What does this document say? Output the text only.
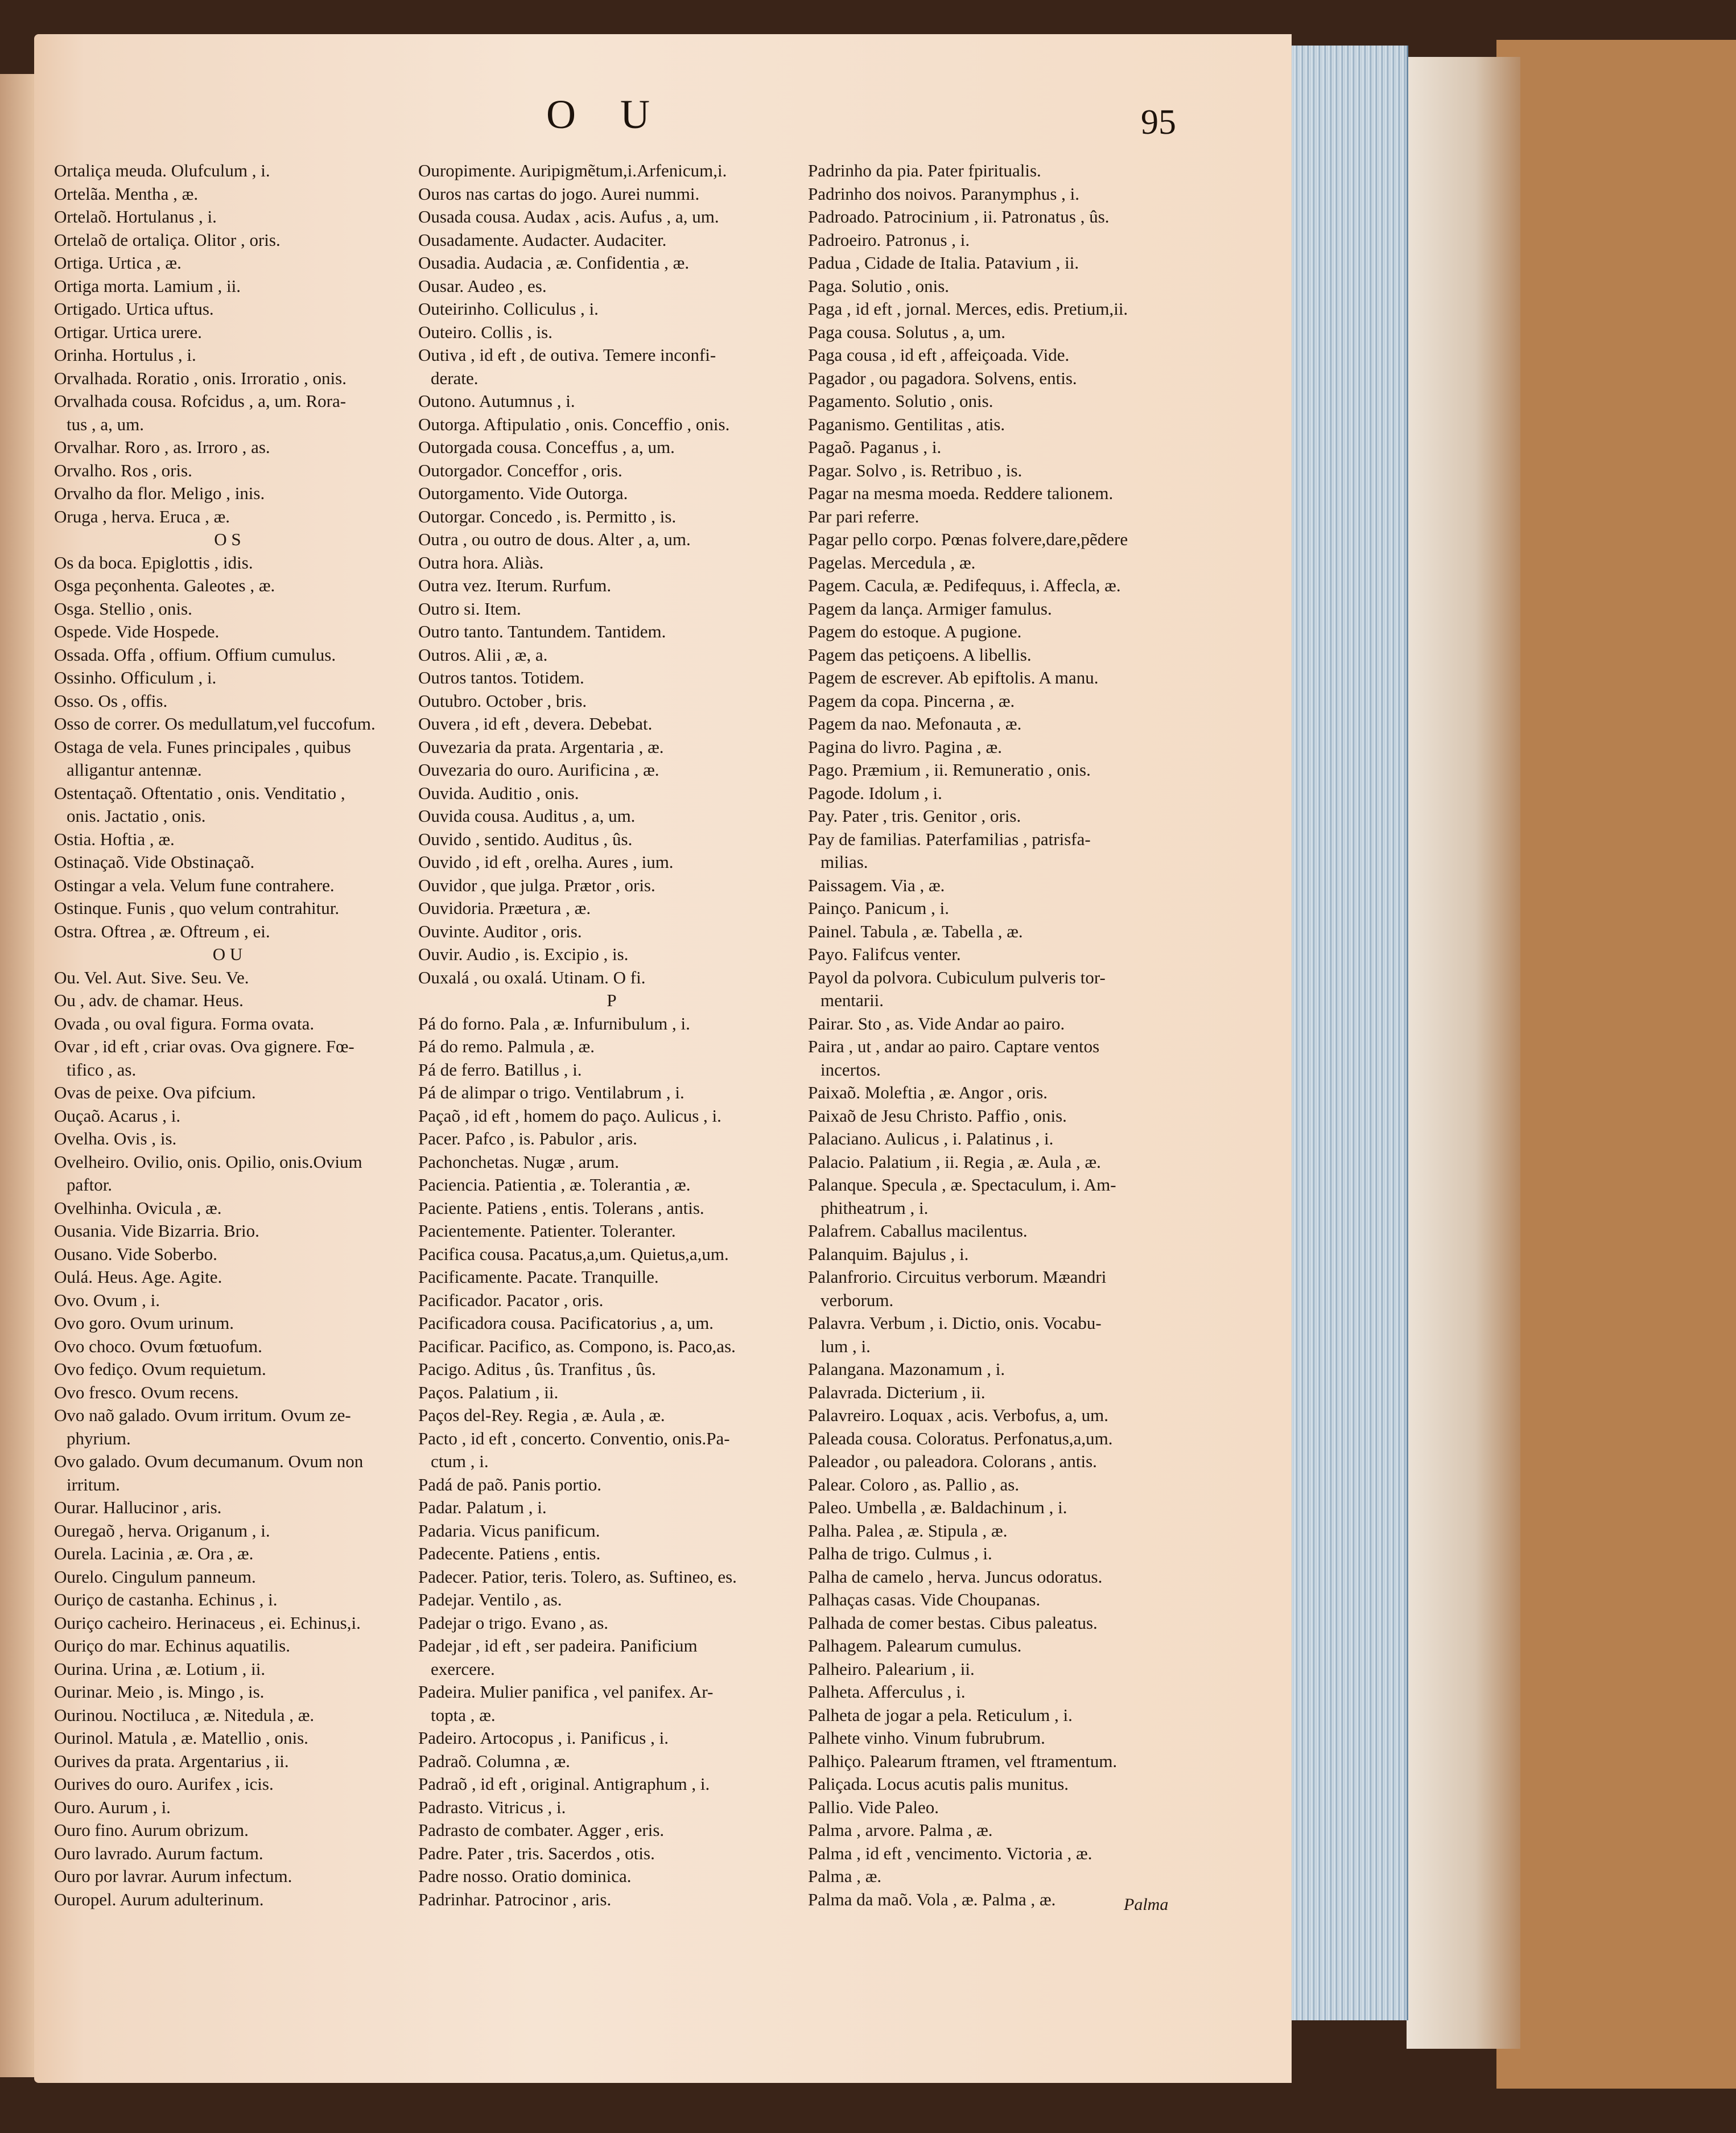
O U	95
Ortaliça meuda. Olufculum , i.
Ortelãa. Mentha , æ.
Ortelaõ. Hortulanus , i.
Ortelaõ de ortaliça. Olitor , oris.
Ortiga. Urtica , æ.
Ortiga morta. Lamium , ii.
Ortigado. Urtica uftus.
Ortigar. Urtica urere.
Orinha. Hortulus , i.
Orvalhada. Roratio , onis. Irroratio , onis.
Orvalhada cousa. Rofcidus , a, um. Rora-
tus , a, um.
Orvalhar. Roro , as. Irroro , as.
Orvalho. Ros , oris.
Orvalho da flor. Meligo , inis.
Oruga , herva. Eruca , æ.
O S
Os da boca. Epiglottis , idis.
Osga peçonhenta. Galeotes , æ.
Osga. Stellio , onis.
Ospede. Vide Hospede.
Ossada. Offa , offium. Offium cumulus.
Ossinho. Officulum , i.
Osso. Os , offis.
Osso de correr. Os medullatum,vel fuccofum.
Ostaga de vela. Funes principales , quibus
alligantur antennæ.
Ostentaçaõ. Oftentatio , onis. Venditatio ,
onis. Jactatio , onis.
Ostia. Hoftia , æ.
Ostinaçaõ. Vide Obstinaçaõ.
Ostingar a vela. Velum fune contrahere.
Ostinque. Funis , quo velum contrahitur.
Ostra. Oftrea , æ. Oftreum , ei.
O U
Ou. Vel. Aut. Sive. Seu. Ve.
Ou , adv. de chamar. Heus.
Ovada , ou oval figura. Forma ovata.
Ovar , id eft , criar ovas. Ova gignere. Fœ-
tifico , as.
Ovas de peixe. Ova pifcium.
Ouçaõ. Acarus , i.
Ovelha. Ovis , is.
Ovelheiro. Ovilio, onis. Opilio, onis.Ovium
paftor.
Ovelhinha. Ovicula , æ.
Ousania. Vide Bizarria. Brio.
Ousano. Vide Soberbo.
Oulá. Heus. Age. Agite.
Ovo. Ovum , i.
Ovo goro. Ovum urinum.
Ovo choco. Ovum fœtuofum.
Ovo fediço. Ovum requietum.
Ovo fresco. Ovum recens.
Ovo naõ galado. Ovum irritum. Ovum ze-
phyrium.
Ovo galado. Ovum decumanum. Ovum non
irritum.
Ourar. Hallucinor , aris.
Ouregaõ , herva. Origanum , i.
Ourela. Lacinia , æ. Ora , æ.
Ourelo. Cingulum panneum.
Ouriço de castanha. Echinus , i.
Ouriço cacheiro. Herinaceus , ei. Echinus,i.
Ouriço do mar. Echinus aquatilis.
Ourina. Urina , æ. Lotium , ii.
Ourinar. Meio , is. Mingo , is.
Ourinou. Noctiluca , æ. Nitedula , æ.
Ourinol. Matula , æ. Matellio , onis.
Ourives da prata. Argentarius , ii.
Ourives do ouro. Aurifex , icis.
Ouro. Aurum , i.
Ouro fino. Aurum obrizum.
Ouro lavrado. Aurum factum.
Ouro por lavrar. Aurum infectum.
Ouropel. Aurum adulterinum.
Ouropimente. Auripigmẽtum,i.Arfenicum,i.
Ouros nas cartas do jogo. Aurei nummi.
Ousada cousa. Audax , acis. Aufus , a, um.
Ousadamente. Audacter. Audaciter.
Ousadia. Audacia , æ. Confidentia , æ.
Ousar. Audeo , es.
Outeirinho. Colliculus , i.
Outeiro. Collis , is.
Outiva , id eft , de outiva. Temere inconfi-
derate.
Outono. Autumnus , i.
Outorga. Aftipulatio , onis. Conceffio , onis.
Outorgada cousa. Conceffus , a, um.
Outorgador. Conceffor , oris.
Outorgamento. Vide Outorga.
Outorgar. Concedo , is. Permitto , is.
Outra , ou outro de dous. Alter , a, um.
Outra hora. Aliàs.
Outra vez. Iterum. Rurfum.
Outro si. Item.
Outro tanto. Tantundem. Tantidem.
Outros. Alii , æ, a.
Outros tantos. Totidem.
Outubro. October , bris.
Ouvera , id eft , devera. Debebat.
Ouvezaria da prata. Argentaria , æ.
Ouvezaria do ouro. Aurificina , æ.
Ouvida. Auditio , onis.
Ouvida cousa. Auditus , a, um.
Ouvido , sentido. Auditus , ûs.
Ouvido , id eft , orelha. Aures , ium.
Ouvidor , que julga. Prætor , oris.
Ouvidoria. Præetura , æ.
Ouvinte. Auditor , oris.
Ouvir. Audio , is. Excipio , is.
Ouxalá , ou oxalá. Utinam. O fi.
P
Pá do forno. Pala , æ. Infurnibulum , i.
Pá do remo. Palmula , æ.
Pá de ferro. Batillus , i.
Pá de alimpar o trigo. Ventilabrum , i.
Paçaõ , id eft , homem do paço. Aulicus , i.
Pacer. Pafco , is. Pabulor , aris.
Pachonchetas. Nugæ , arum.
Paciencia. Patientia , æ. Tolerantia , æ.
Paciente. Patiens , entis. Tolerans , antis.
Pacientemente. Patienter. Toleranter.
Pacifica cousa. Pacatus,a,um. Quietus,a,um.
Pacificamente. Pacate. Tranquille.
Pacificador. Pacator , oris.
Pacificadora cousa. Pacificatorius , a, um.
Pacificar. Pacifico, as. Compono, is. Paco,as.
Pacigo. Aditus , ûs. Tranfitus , ûs.
Paços. Palatium , ii.
Paços del-Rey. Regia , æ. Aula , æ.
Pacto , id eft , concerto. Conventio, onis.Pa-
ctum , i.
Padá de paõ. Panis portio.
Padar. Palatum , i.
Padaria. Vicus panificum.
Padecente. Patiens , entis.
Padecer. Patior, teris. Tolero, as. Suftineo, es.
Padejar. Ventilo , as.
Padejar o trigo. Evano , as.
Padejar , id eft , ser padeira. Panificium
exercere.
Padeira. Mulier panifica , vel panifex. Ar-
topta , æ.
Padeiro. Artocopus , i. Panificus , i.
Padraõ. Columna , æ.
Padraõ , id eft , original. Antigraphum , i.
Padrasto. Vitricus , i.
Padrasto de combater. Agger , eris.
Padre. Pater , tris. Sacerdos , otis.
Padre nosso. Oratio dominica.
Padrinhar. Patrocinor , aris.
Padrinho da pia. Pater fpiritualis.
Padrinho dos noivos. Paranymphus , i.
Padroado. Patrocinium , ii. Patronatus , ûs.
Padroeiro. Patronus , i.
Padua , Cidade de Italia. Patavium , ii.
Paga. Solutio , onis.
Paga , id eft , jornal. Merces, edis. Pretium,ii.
Paga cousa. Solutus , a, um.
Paga cousa , id eft , affeiçoada. Vide.
Pagador , ou pagadora. Solvens, entis.
Pagamento. Solutio , onis.
Paganismo. Gentilitas , atis.
Pagaõ. Paganus , i.
Pagar. Solvo , is. Retribuo , is.
Pagar na mesma moeda. Reddere talionem.
Par pari referre.
Pagar pello corpo. Pœnas folvere,dare,pẽdere
Pagelas. Mercedula , æ.
Pagem. Cacula, æ. Pedifequus, i. Affecla, æ.
Pagem da lança. Armiger famulus.
Pagem do estoque. A pugione.
Pagem das petiçoens. A libellis.
Pagem de escrever. Ab epiftolis. A manu.
Pagem da copa. Pincerna , æ.
Pagem da nao. Mefonauta , æ.
Pagina do livro. Pagina , æ.
Pago. Præmium , ii. Remuneratio , onis.
Pagode. Idolum , i.
Pay. Pater , tris. Genitor , oris.
Pay de familias. Paterfamilias , patrisfa-
milias.
Paissagem. Via , æ.
Painço. Panicum , i.
Painel. Tabula , æ. Tabella , æ.
Payo. Falifcus venter.
Payol da polvora. Cubiculum pulveris tor-
mentarii.
Pairar. Sto , as. Vide Andar ao pairo.
Paira , ut , andar ao pairo. Captare ventos
incertos.
Paixaõ. Moleftia , æ. Angor , oris.
Paixaõ de Jesu Christo. Paffio , onis.
Palaciano. Aulicus , i. Palatinus , i.
Palacio. Palatium , ii. Regia , æ. Aula , æ.
Palanque. Specula , æ. Spectaculum, i. Am-
phitheatrum , i.
Palafrem. Caballus macilentus.
Palanquim. Bajulus , i.
Palanfrorio. Circuitus verborum. Mæandri
verborum.
Palavra. Verbum , i. Dictio, onis. Vocabu-
lum , i.
Palangana. Mazonamum , i.
Palavrada. Dicterium , ii.
Palavreiro. Loquax , acis. Verbofus, a, um.
Paleada cousa. Coloratus. Perfonatus,a,um.
Paleador , ou paleadora. Colorans , antis.
Palear. Coloro , as. Pallio , as.
Paleo. Umbella , æ. Baldachinum , i.
Palha. Palea , æ. Stipula , æ.
Palha de trigo. Culmus , i.
Palha de camelo , herva. Juncus odoratus.
Palhaças casas. Vide Choupanas.
Palhada de comer bestas. Cibus paleatus.
Palhagem. Palearum cumulus.
Palheiro. Palearium , ii.
Palheta. Afferculus , i.
Palheta de jogar a pela. Reticulum , i.
Palhete vinho. Vinum fubrubrum.
Palhiço. Palearum ftramen, vel ftramentum.
Paliçada. Locus acutis palis munitus.
Pallio. Vide Paleo.
Palma , arvore. Palma , æ.
Palma , id eft , vencimento. Victoria , æ.
Palma , æ.
Palma da maõ. Vola , æ. Palma , æ.	Palma
